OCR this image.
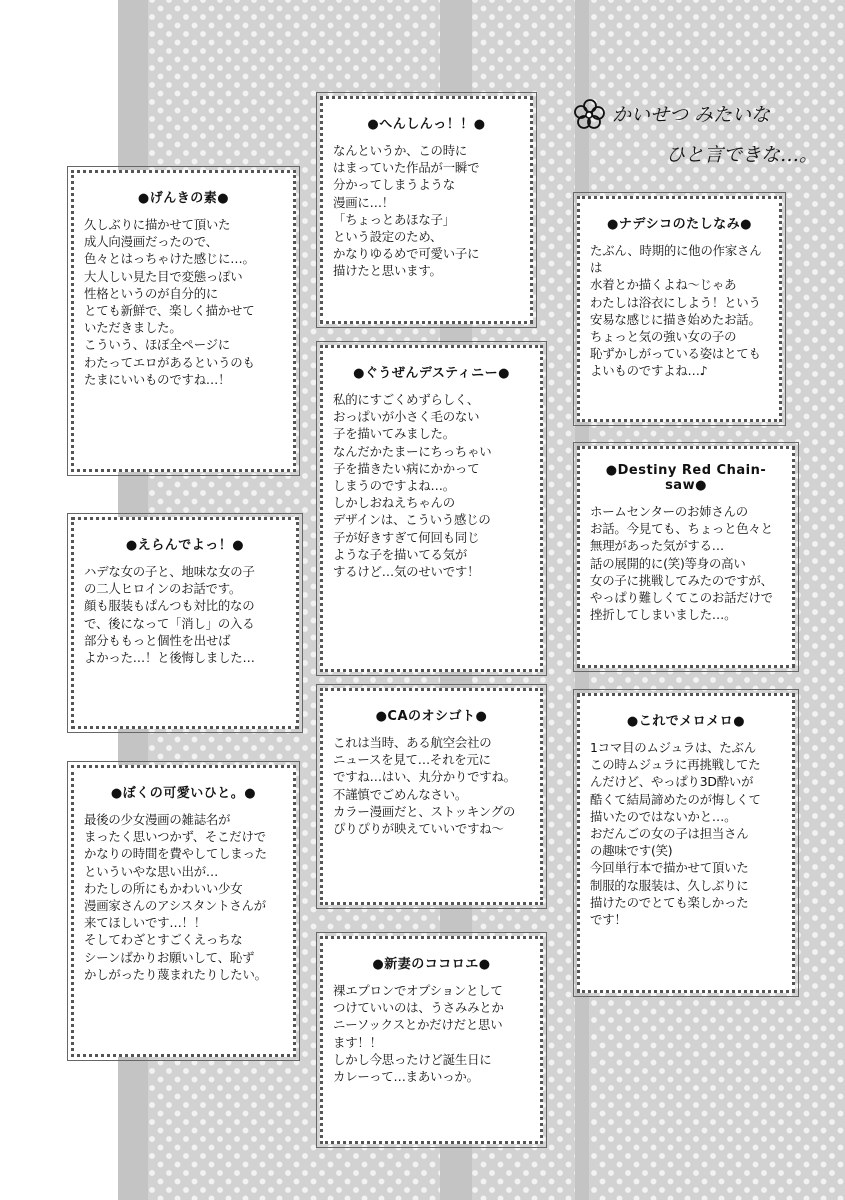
かいせつ みたいな
ひと言できな…。
●げんきの素●
久しぶりに描かせて頂いた
成人向漫画だったので、
色々とはっちゃけた感じに…。
大人しい見た目で変態っぽい
性格というのが自分的に
とても新鮮で、楽しく描かせて
いただきました。
こういう、ほぼ全ページに
わたってエロがあるというのも
たまにいいものですね…！
●えらんでよっ！●
ハデな女の子と、地味な女の子
の二人ヒロインのお話です。
顔も服装もぱんつも対比的なの
で、後になって「消し」の入る
部分ももっと個性を出せば
よかった…！と後悔しました…
●ぼくの可愛いひと。●
最後の少女漫画の雑誌名が
まったく思いつかず、そこだけで
かなりの時間を費やしてしまった
といういやな思い出が…
わたしの所にもかわいい少女
漫画家さんのアシスタントさんが
来てほしいです…！！
そしてわざとすごくえっちな
シーンばかりお願いして、恥ず
かしがったり蔑まれたりしたい。
●へんしんっ！！●
なんというか、この時に
はまっていた作品が一瞬で
分かってしまうような
漫画に…！
「ちょっとあほな子」
という設定のため、
かなりゆるめで可愛い子に
描けたと思います。
●ぐうぜんデスティニー●
私的にすごくめずらしく、
おっぱいが小さく毛のない
子を描いてみました。
なんだかたまーにちっちゃい
子を描きたい病にかかって
しまうのですよね…。
しかしおねえちゃんの
デザインは、こういう感じの
子が好きすぎて何回も同じ
ような子を描いてる気が
するけど…気のせいです！
●CAのオシゴト●
これは当時、ある航空会社の
ニュースを見て…それを元に
ですね…はい、丸分かりですね。
不謹慎でごめんなさい。
カラー漫画だと、ストッキングの
ぴりぴりが映えていいですね～
●新妻のココロエ●
裸エプロンでオプションとして
つけていいのは、うさみみとか
ニーソックスとかだけだと思い
ます！！
しかし今思ったけど誕生日に
カレーって…まあいっか。
●ナデシコのたしなみ●
たぶん、時期的に他の作家さんは
水着とか描くよね～じゃあ
わたしは浴衣にしよう！という
安易な感じに描き始めたお話。
ちょっと気の強い女の子の
恥ずかしがっている姿はとても
よいものですよね…♪
●Destiny Red Chain-saw●
ホームセンターのお姉さんの
お話。今見ても、ちょっと色々と
無理があった気がする…
話の展開的に(笑)等身の高い
女の子に挑戦してみたのですが、
やっぱり難しくてこのお話だけで
挫折してしまいました…。
●これでメロメロ●
1コマ目のムジュラは、たぶん
この時ムジュラに再挑戦してた
んだけど、やっぱり3D酔いが
酷くて結局諦めたのが悔しくて
描いたのではないかと…。
おだんごの女の子は担当さん
の趣味です(笑)
今回単行本で描かせて頂いた
制服的な服装は、久しぶりに
描けたのでとても楽しかった
です！
